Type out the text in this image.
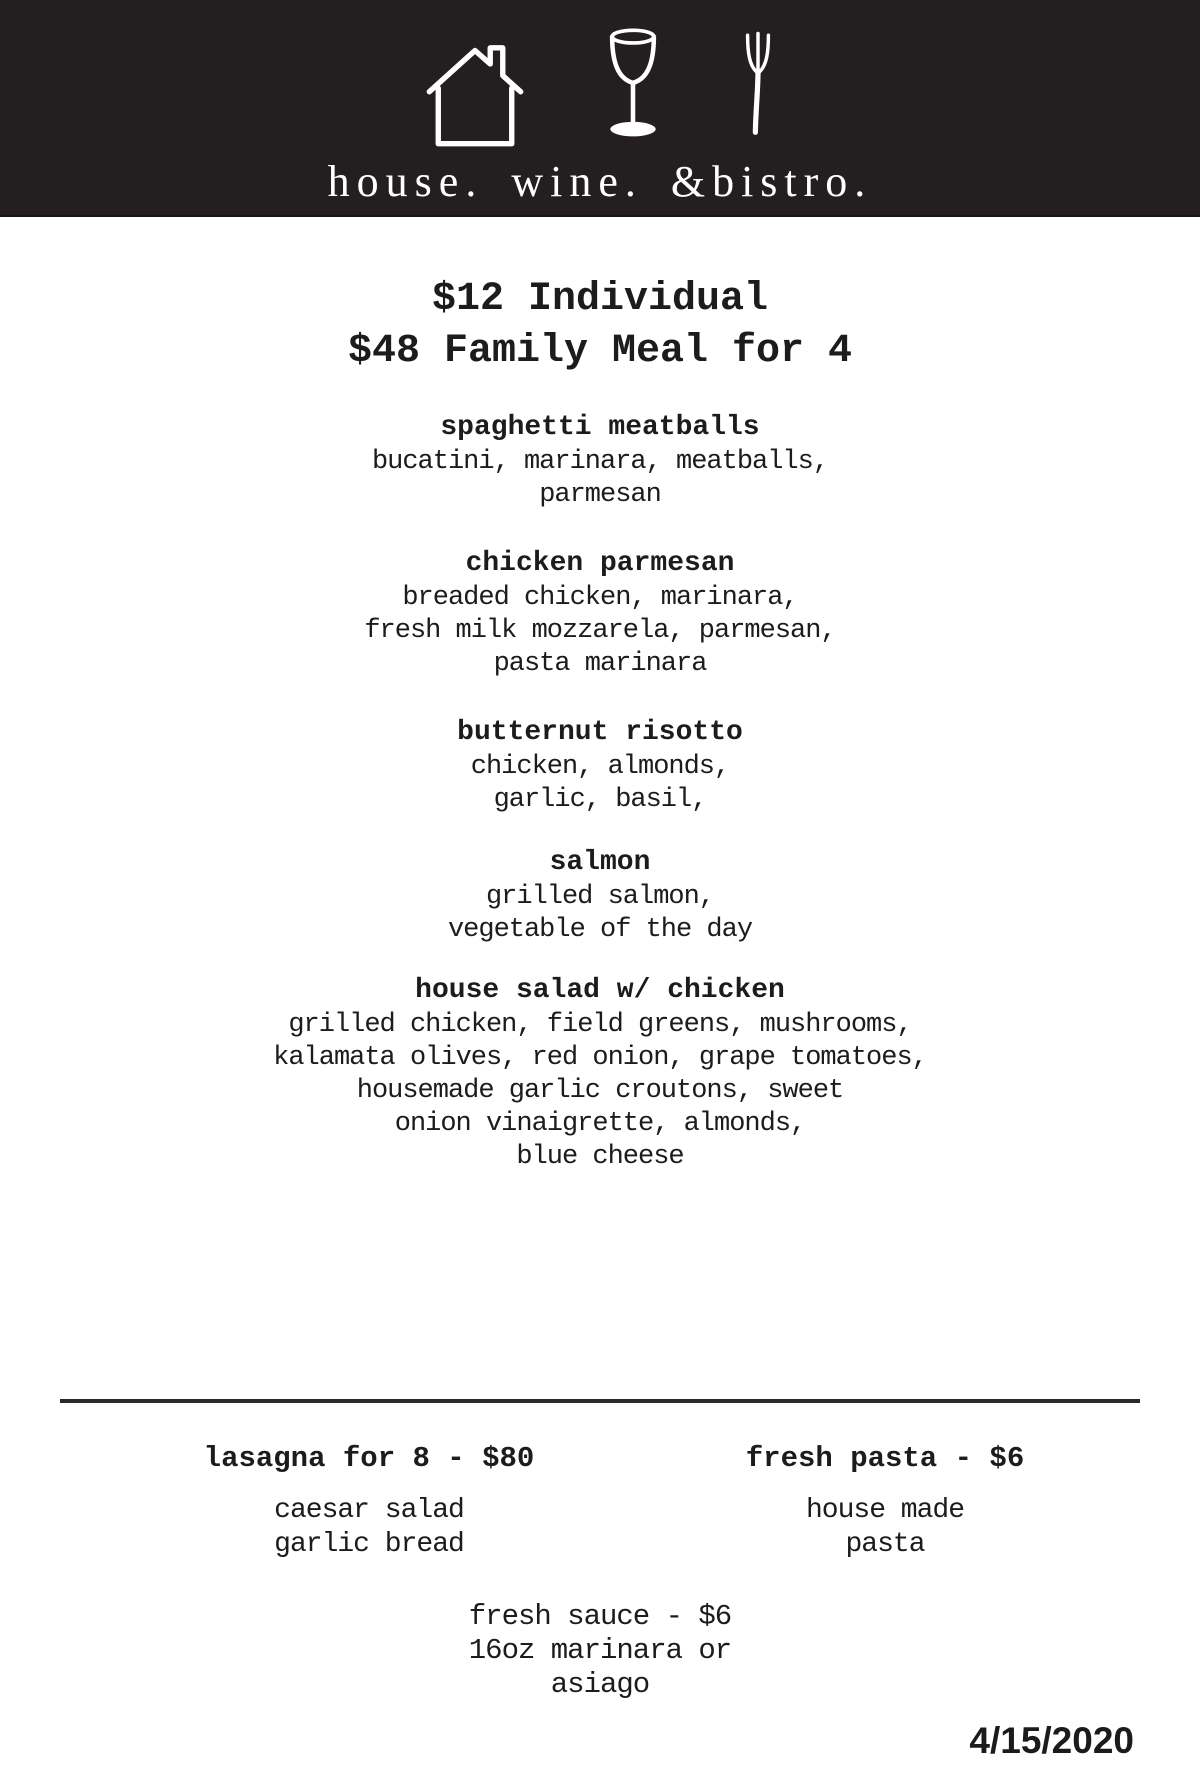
house. wine. &bistro.
$12 Individual
$48 Family Meal for 4
spaghetti meatballs
bucatini, marinara, meatballs,
parmesan
chicken parmesan
breaded chicken, marinara,
fresh milk mozzarela, parmesan,
pasta marinara
butternut risotto
chicken, almonds,
garlic, basil,
salmon
grilled salmon,
vegetable of the day
house salad w/ chicken
grilled chicken, field greens, mushrooms,
kalamata olives, red onion, grape tomatoes,
housemade garlic croutons, sweet
onion vinaigrette, almonds,
blue cheese
lasagna for 8 - $80
caesar salad
garlic bread
fresh pasta - $6
house made
pasta
fresh sauce - $6
16oz marinara or
asiago
4/15/2020
